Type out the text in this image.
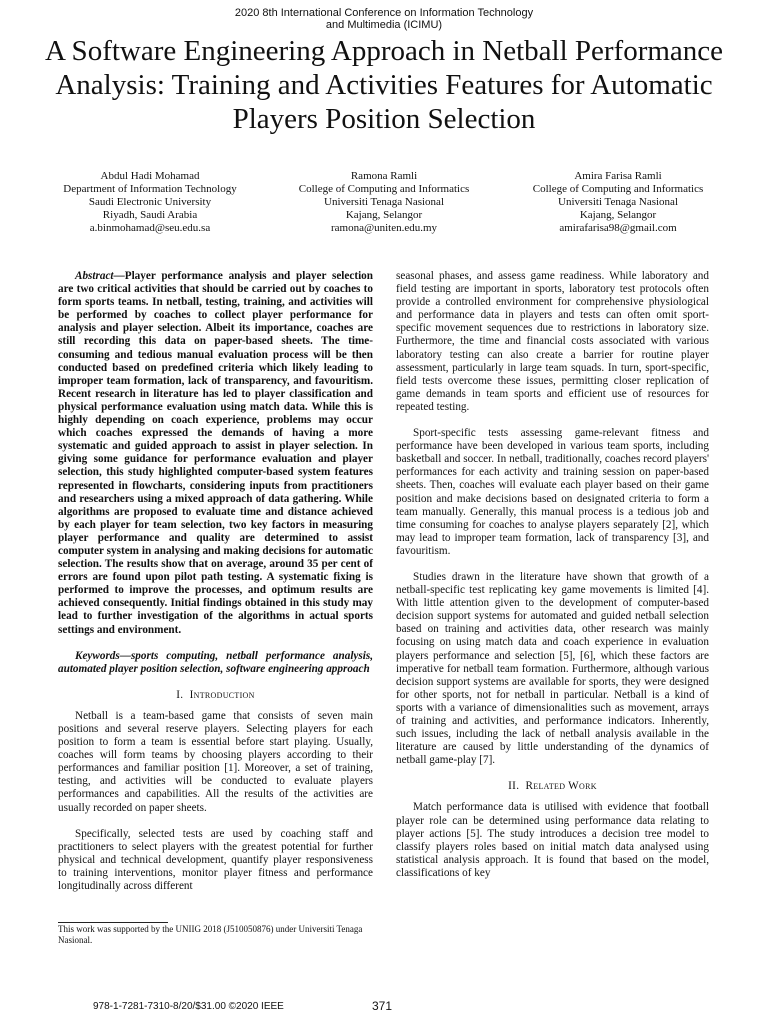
2020 8th International Conference on Information Technology
and Multimedia (ICIMU)
A Software Engineering Approach in Netball Performance Analysis: Training and Activities Features for Automatic Players Position Selection
Abdul Hadi Mohamad
Department of Information Technology
Saudi Electronic University
Riyadh, Saudi Arabia
a.binmohamad@seu.edu.sa
Ramona Ramli
College of Computing and Informatics
Universiti Tenaga Nasional
Kajang, Selangor
ramona@uniten.edu.my
Amira Farisa Ramli
College of Computing and Informatics
Universiti Tenaga Nasional
Kajang, Selangor
amirafarisa98@gmail.com

Abstract—Player performance analysis and player selection are two critical activities that should be carried out by coaches to form sports teams. In netball, testing, training, and activities will be performed by coaches to collect player performance for analysis and player selection. Albeit its importance, coaches are still recording this data on paper-based sheets. The time-consuming and tedious manual evaluation process will be then conducted based on predefined criteria which likely leading to improper team formation, lack of transparency, and favouritism. Recent research in literature has led to player classification and physical performance evaluation using match data. While this is highly depending on coach experience, problems may occur which coaches expressed the demands of having a more systematic and guided approach to assist in player selection. In giving some guidance for performance evaluation and player selection, this study highlighted computer-based system features represented in flowcharts, considering inputs from practitioners and researchers using a mixed approach of data gathering. While algorithms are proposed to evaluate time and distance achieved by each player for team selection, two key factors in measuring player performance and quality are determined to assist computer system in analysing and making decisions for automatic selection. The results show that on average, around 35 per cent of errors are found upon pilot path testing. A systematic fixing is performed to improve the processes, and optimum results are achieved consequently. Initial findings obtained in this study may lead to further investigation of the algorithms in actual sports settings and environment.

Keywords—sports computing, netball performance analysis, automated player position selection, software engineering approach

I. Introduction

Netball is a team-based game that consists of seven main positions and several reserve players. Selecting players for each position to form a team is essential before start playing. Usually, coaches will form teams by choosing players according to their performances and familiar position [1]. Moreover, a set of training, testing, and activities will be conducted to evaluate players performances and capabilities. All the results of the activities are usually recorded on paper sheets.

Specifically, selected tests are used by coaching staff and practitioners to select players with the greatest potential for further physical and technical development, quantify player responsiveness to training interventions, monitor player fitness and performance longitudinally across different

seasonal phases, and assess game readiness. While laboratory and field testing are important in sports, laboratory test protocols often provide a controlled environment for comprehensive physiological and performance data in players and tests can often omit sport-specific movement sequences due to restrictions in laboratory size. Furthermore, the time and financial costs associated with various laboratory testing can also create a barrier for routine player assessment, particularly in large team squads. In turn, sport-specific, field tests overcome these issues, permitting closer replication of game demands in team sports and efficient use of resources for repeated testing.

Sport-specific tests assessing game-relevant fitness and performance have been developed in various team sports, including basketball and soccer. In netball, traditionally, coaches record players' performances for each activity and training session on paper-based sheets. Then, coaches will evaluate each player based on their game position and make decisions based on designated criteria to form a team manually. Generally, this manual process is a tedious job and time consuming for coaches to analyse players separately [2], which may lead to improper team formation, lack of transparency [3], and favouritism.

Studies drawn in the literature have shown that growth of a netball-specific test replicating key game movements is limited [4]. With little attention given to the development of computer-based decision support systems for automated and guided netball selection based on training and activities data, other research was mainly focusing on using match data and coach experience in evaluation players performance and selection [5], [6], which these factors are imperative for netball team formation. Furthermore, although various decision support systems are available for sports, they were designed for other sports, not for netball in particular. Netball is a kind of sports with a variance of dimensionalities such as movement, arrays of training and activities, and performance indicators. Inherently, such issues, including the lack of netball analysis available in the literature are caused by little understanding of the dynamics of netball game-play [7].

II. Related Work

Match performance data is utilised with evidence that football player role can be determined using performance data relating to player actions [5]. The study introduces a decision tree model to classify players roles based on initial match data analysed using statistical analysis approach. It is found that based on the model, classifications of key

This work was supported by the UNIIG 2018 (J510050876) under Universiti Tenaga Nasional.
978-1-7281-7310-8/20/$31.00 ©2020 IEEE	371
